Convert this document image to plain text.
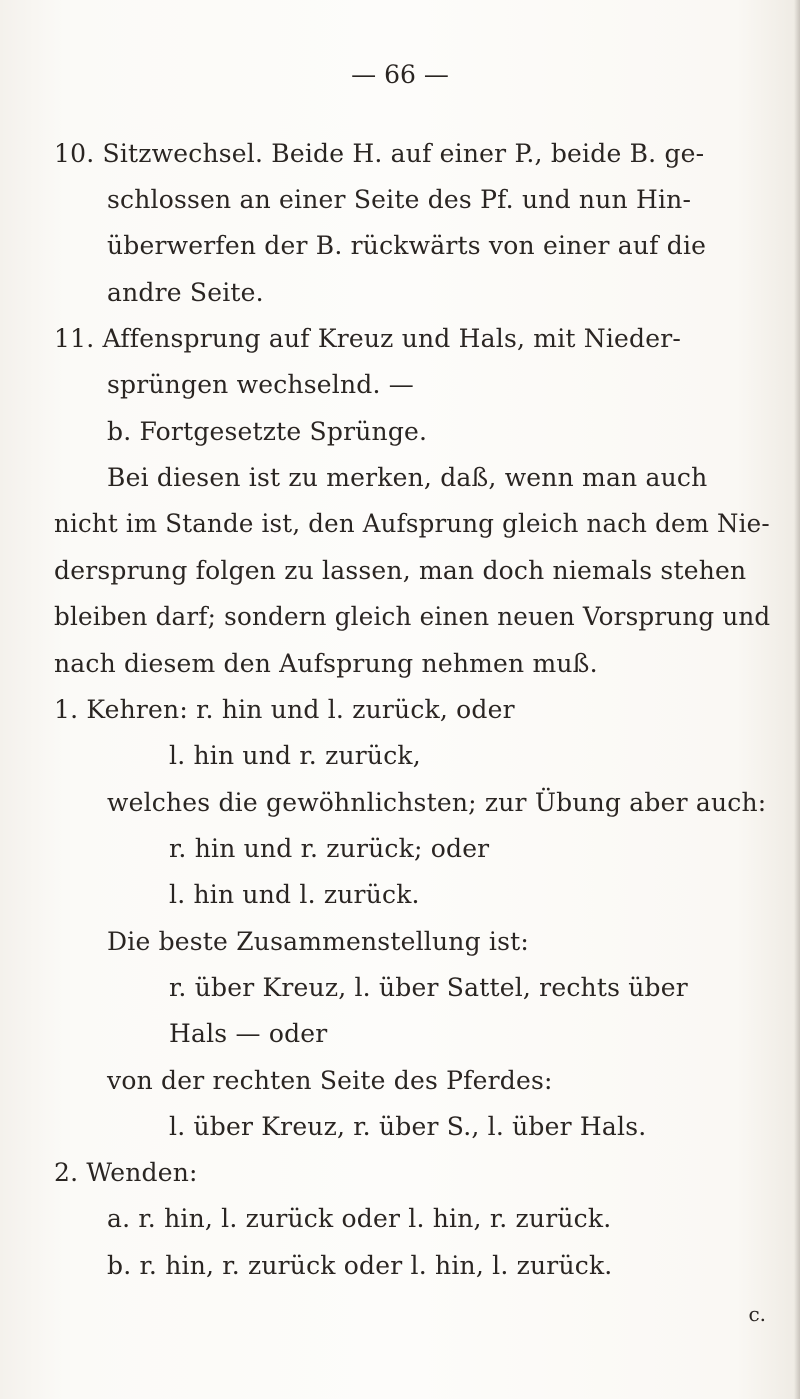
— 66 —
10. Sitzwechsel. Beide H. auf einer P., beide B. ge-
schlossen an einer Seite des Pf. und nun Hin-
überwerfen der B. rückwärts von einer auf die
andre Seite.
11. Affensprung auf Kreuz und Hals, mit Nieder-
sprüngen wechselnd. —
b. Fortgesetzte Sprünge.
Bei diesen ist zu merken, daß, wenn man auch
nicht im Stande ist, den Aufsprung gleich nach dem Nie-
dersprung folgen zu lassen, man doch niemals stehen
bleiben darf; sondern gleich einen neuen Vorsprung und
nach diesem den Aufsprung nehmen muß.
1. Kehren: r. hin und l. zurück, oder
l. hin und r. zurück,
welches die gewöhnlichsten; zur Übung aber auch:
r. hin und r. zurück; oder
l. hin und l. zurück.
Die beste Zusammenstellung ist:
r. über Kreuz, l. über Sattel, rechts über
Hals — oder
von der rechten Seite des Pferdes:
l. über Kreuz, r. über S., l. über Hals.
2. Wenden:
a. r. hin, l. zurück oder l. hin, r. zurück.
b. r. hin, r. zurück oder l. hin, l. zurück.
c.
